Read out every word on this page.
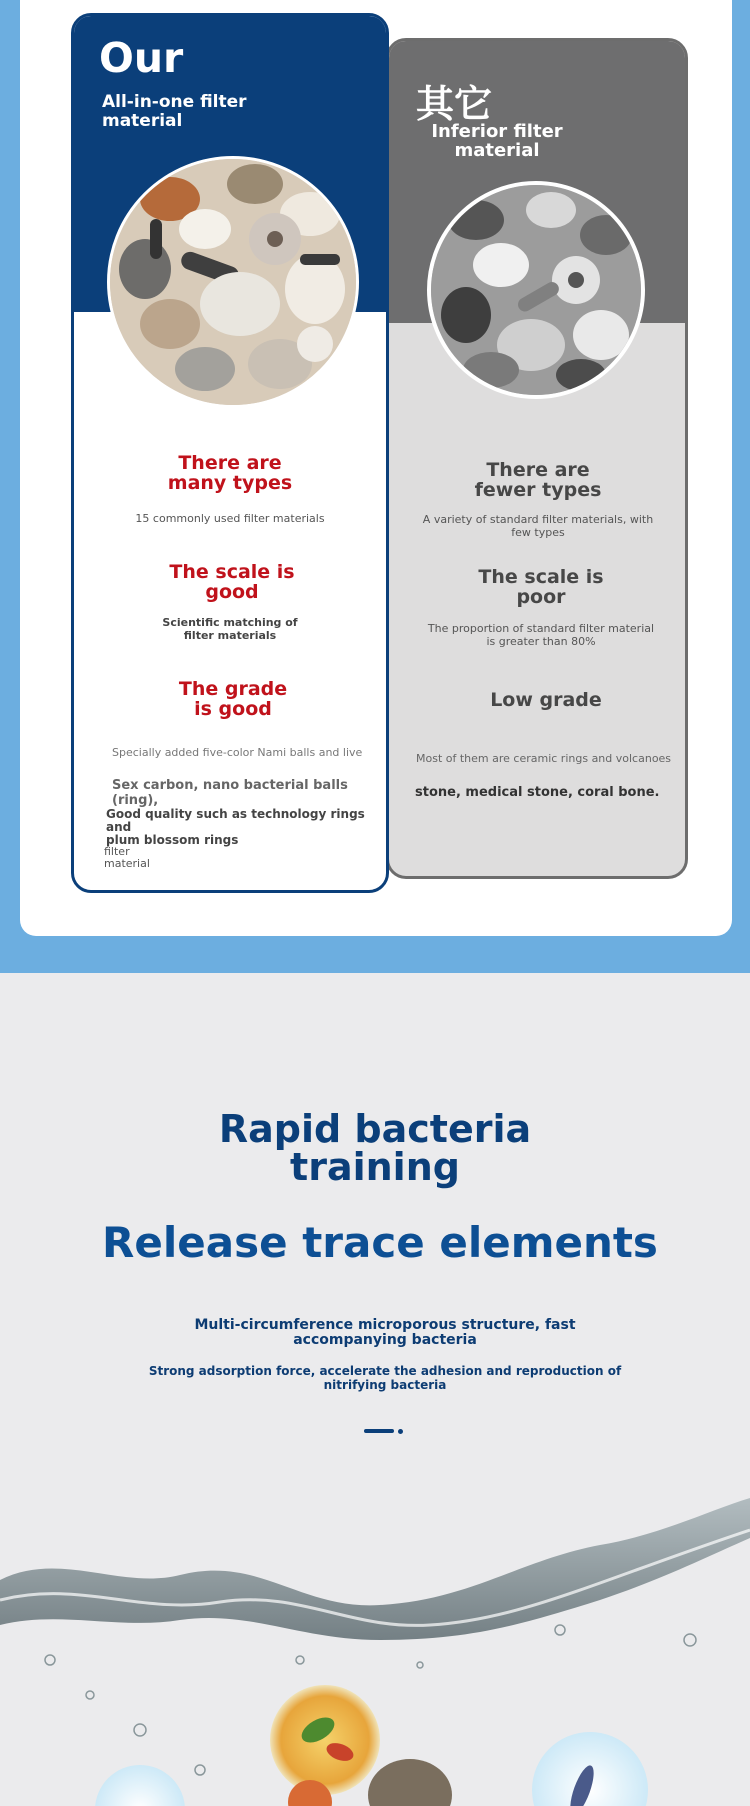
Our
All-in-one filter
material
There are
many types
15 commonly used filter materials
The scale is
good
Scientific matching of
filter materials
The grade
is good
Specially added five-color Nami balls and live
Sex carbon, nano bacterial balls (ring),
Good quality such as technology rings and
plum blossom rings
filter
material
其它
Inferior filter
material
There are
fewer types
A variety of standard filter materials, with
few types
The scale is
poor
The proportion of standard filter material
is greater than 80%
Low grade
Most of them are ceramic rings and volcanoes
stone, medical stone, coral bone.
Rapid bacteria
training
Release trace elements
Multi-circumference microporous structure, fast
accompanying bacteria
Strong adsorption force, accelerate the adhesion and reproduction of
nitrifying bacteria
